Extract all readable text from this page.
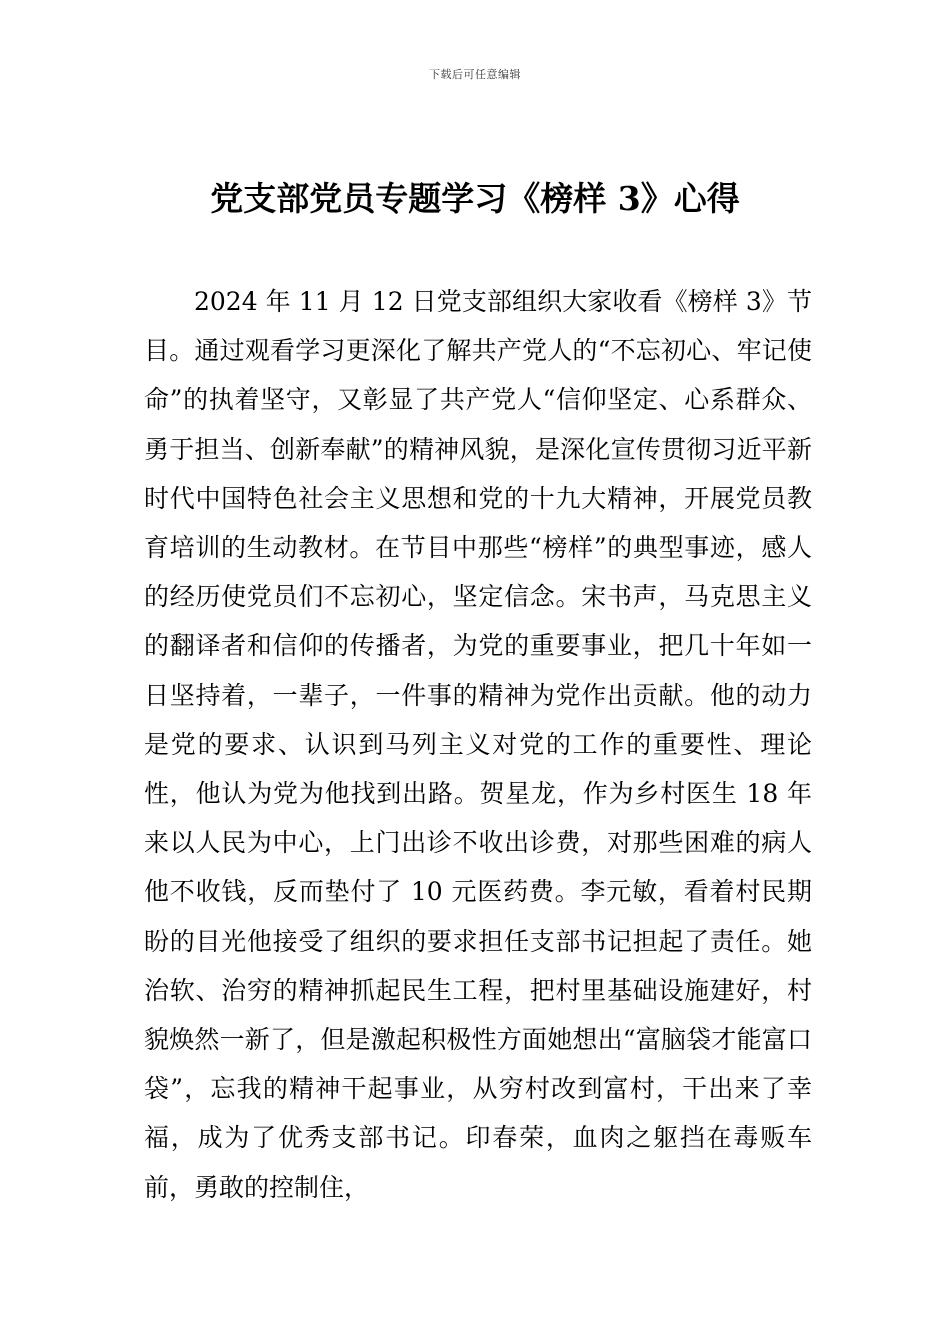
下载后可任意编辑
党支部党员专题学习《榜样 3》心得

2024 年 11 月 12 日党支部组织大家收看《榜样 3》节目。通过观看学习更深化了解共产党人的“不忘初心、牢记使命”的执着坚守，又彰显了共产党人“信仰坚定、心系群众、勇于担当、创新奉献”的精神风貌，是深化宣传贯彻习近平新时代中国特色社会主义思想和党的十九大精神，开展党员教育培训的生动教材。在节目中那些“榜样”的典型事迹，感人的经历使党员们不忘初心，坚定信念。宋书声，马克思主义的翻译者和信仰的传播者，为党的重要事业，把几十年如一日坚持着，一辈子，一件事的精神为党作出贡献。他的动力是党的要求、认识到马列主义对党的工作的重要性、理论性，他认为党为他找到出路。贺星龙，作为乡村医生 18 年来以人民为中心，上门出诊不收出诊费，对那些困难的病人他不收钱，反而垫付了 10 元医药费。李元敏，看着村民期盼的目光他接受了组织的要求担任支部书记担起了责任。她治软、治穷的精神抓起民生工程，把村里基础设施建好，村貌焕然一新了，但是激起积极性方面她想出“富脑袋才能富口袋”，忘我的精神干起事业，从穷村改到富村，干出来了幸福，成为了优秀支部书记。印春荣，血肉之躯挡在毒贩车前，勇敢的控制住，
